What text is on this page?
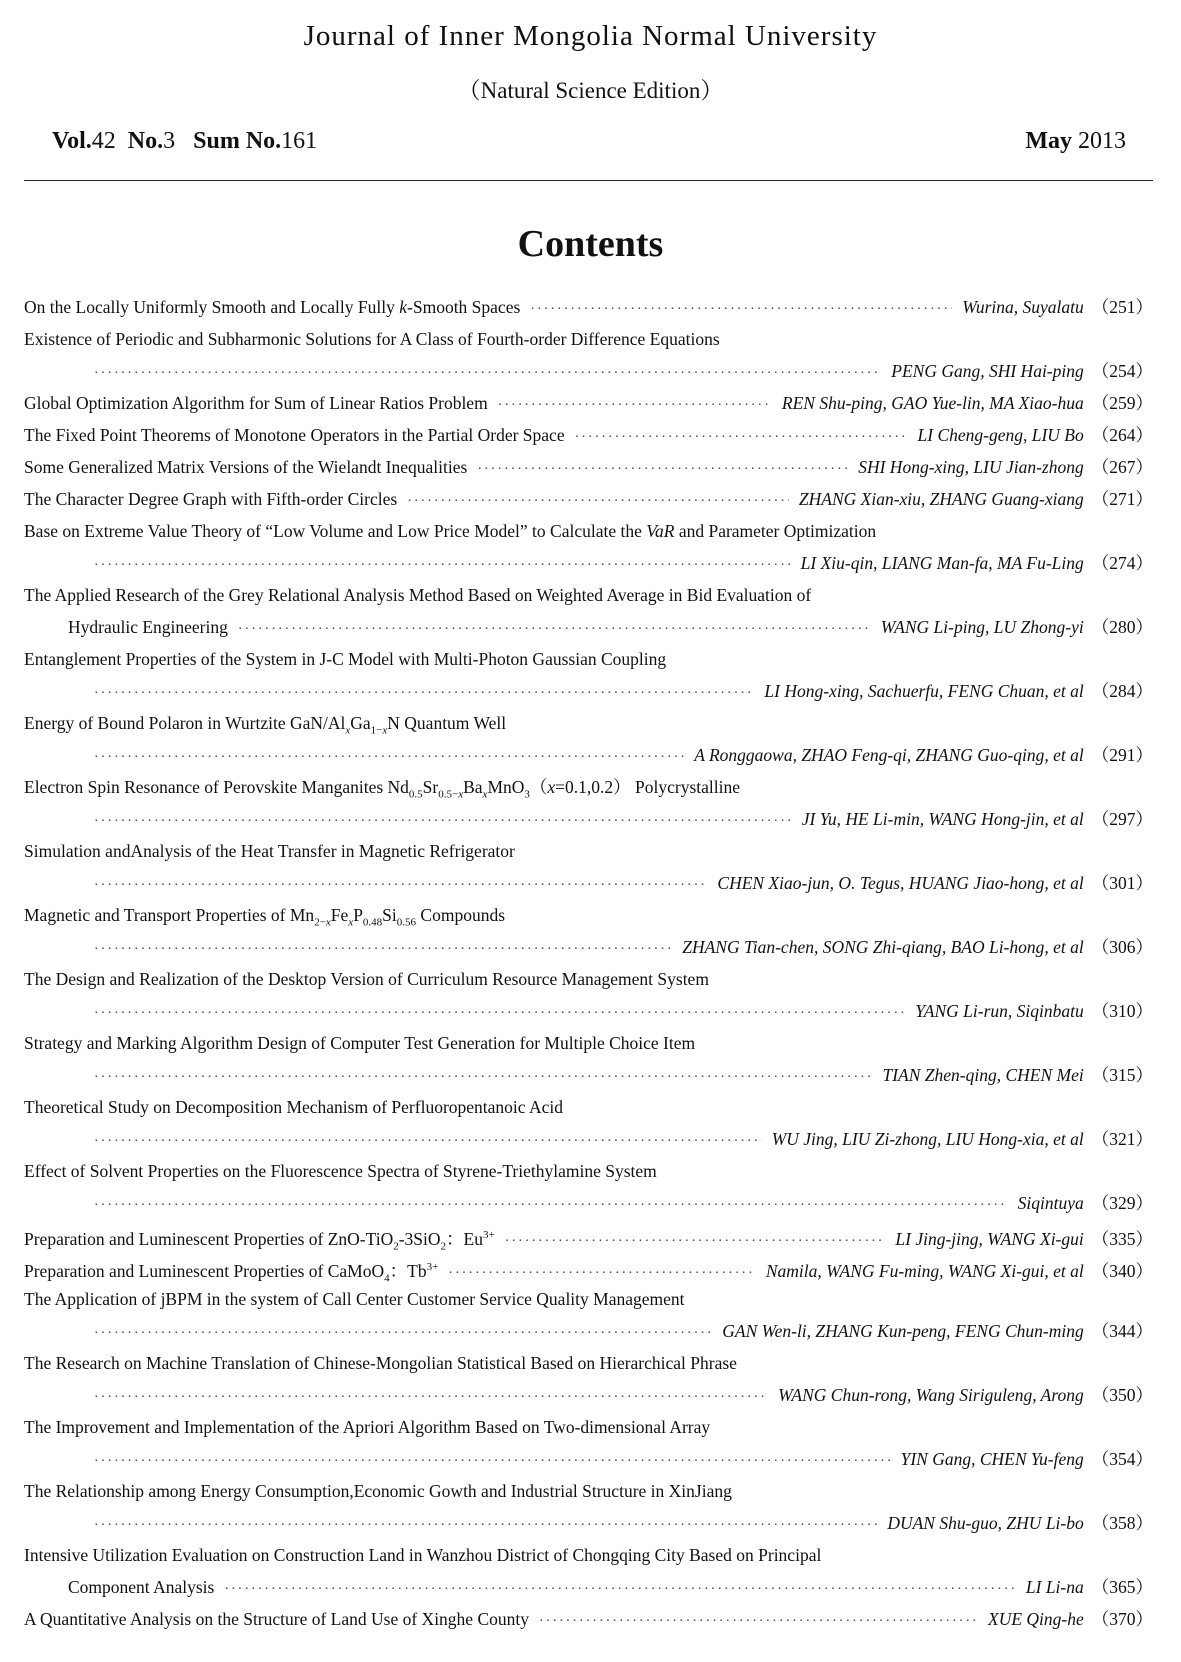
Journal of Inner Mongolia Normal University
（Natural Science Edition）
Vol.42 No.3 Sum No.161	May 2013
Contents
On the Locally Uniformly Smooth and Locally Fully k-Smooth Spaces ·····	Wurina, Suyalatu （251）
Existence of Periodic and Subharmonic Solutions for A Class of Fourth-order Difference Equations
·····
PENG Gang, SHI Hai-ping （254）
Global Optimization Algorithm for Sum of Linear Ratios Problem ·····	REN Shu-ping, GAO Yue-lin, MA Xiao-hua （259）
The Fixed Point Theorems of Monotone Operators in the Partial Order Space ·····	LI Cheng-geng, LIU Bo （264）
Some Generalized Matrix Versions of the Wielandt Inequalities ·····	SHI Hong-xing, LIU Jian-zhong （267）
The Character Degree Graph with Fifth-order Circles ·····	ZHANG Xian-xiu, ZHANG Guang-xiang （271）
Base on Extreme Value Theory of “Low Volume and Low Price Model” to Calculate the VaR and Parameter Optimization
·····
LI Xiu-qin, LIANG Man-fa, MA Fu-Ling （274）
The Applied Research of the Grey Relational Analysis Method Based on Weighted Average in Bid Evaluation of
Hydraulic Engineering ·····	WANG Li-ping, LU Zhong-yi （280）
Entanglement Properties of the System in J-C Model with Multi-Photon Gaussian Coupling
·····
LI Hong-xing, Sachuerfu, FENG Chuan, et al （284）
Energy of Bound Polaron in Wurtzite GaN/$Al_xGa_{1-x}N$ Quantum Well
·····
A Ronggaowa, ZHAO Feng-qi, ZHANG Guo-qing, et al （291）
Electron Spin Resonance of Perovskite Manganites $Nd_{0.5}Sr_{0.5-x}Ba_xMnO_3(x=0.1,0.2)$ Polycrystalline
·····
JI Yu, HE Li-min, WANG Hong-jin, et al （297）
Simulation andAnalysis of the Heat Transfer in Magnetic Refrigerator
·····
CHEN Xiao-jun, O. Tegus, HUANG Jiao-hong, et al （301）
Magnetic and Transport Properties of $Mn_{2-x}Fe_xP_{0.48}Si_{0.56}$ Compounds
·····
ZHANG Tian-chen, SONG Zhi-qiang, BAO Li-hong, et al （306）
The Design and Realization of the Desktop Version of Curriculum Resource Management System
·····
YANG Li-run, Siqinbatu （310）
Strategy and Marking Algorithm Design of Computer Test Generation for Multiple Choice Item
·····
TIAN Zhen-qing, CHEN Mei （315）
Theoretical Study on Decomposition Mechanism of Perfluoropentanoic Acid
·····
WU Jing, LIU Zi-zhong, LIU Hong-xia, et al （321）
Effect of Solvent Properties on the Fluorescence Spectra of Styrene-Triethylamine System
·····
Siqintuya （329）
Preparation and Luminescent Properties of ZnO-TiO$_2$-3SiO$_2$：$Eu^{3+}$ ·····	LI Jing-jing, WANG Xi-gui （335）
Preparation and Luminescent Properties of CaMoO$_4$：$Tb^{3+}$ ·····	Namila, WANG Fu-ming, WANG Xi-gui, et al （340）
The Application of jBPM in the system of Call Center Customer Service Quality Management
·····
GAN Wen-li, ZHANG Kun-peng, FENG Chun-ming （344）
The Research on Machine Translation of Chinese-Mongolian Statistical Based on Hierarchical Phrase
·····
WANG Chun-rong, Wang Siriguleng, Arong （350）
The Improvement and Implementation of the Apriori Algorithm Based on Two-dimensional Array
·····
YIN Gang, CHEN Yu-feng （354）
The Relationship among Energy Consumption,Economic Gowth and Industrial Structure in XinJiang
·····
DUAN Shu-guo, ZHU Li-bo （358）
Intensive Utilization Evaluation on Construction Land in Wanzhou District of Chongqing City Based on Principal
Component Analysis ·····	LI Li-na （365）
A Quantitative Analysis on the Structure of Land Use of Xinghe County ·····	XUE Qing-he （370）
